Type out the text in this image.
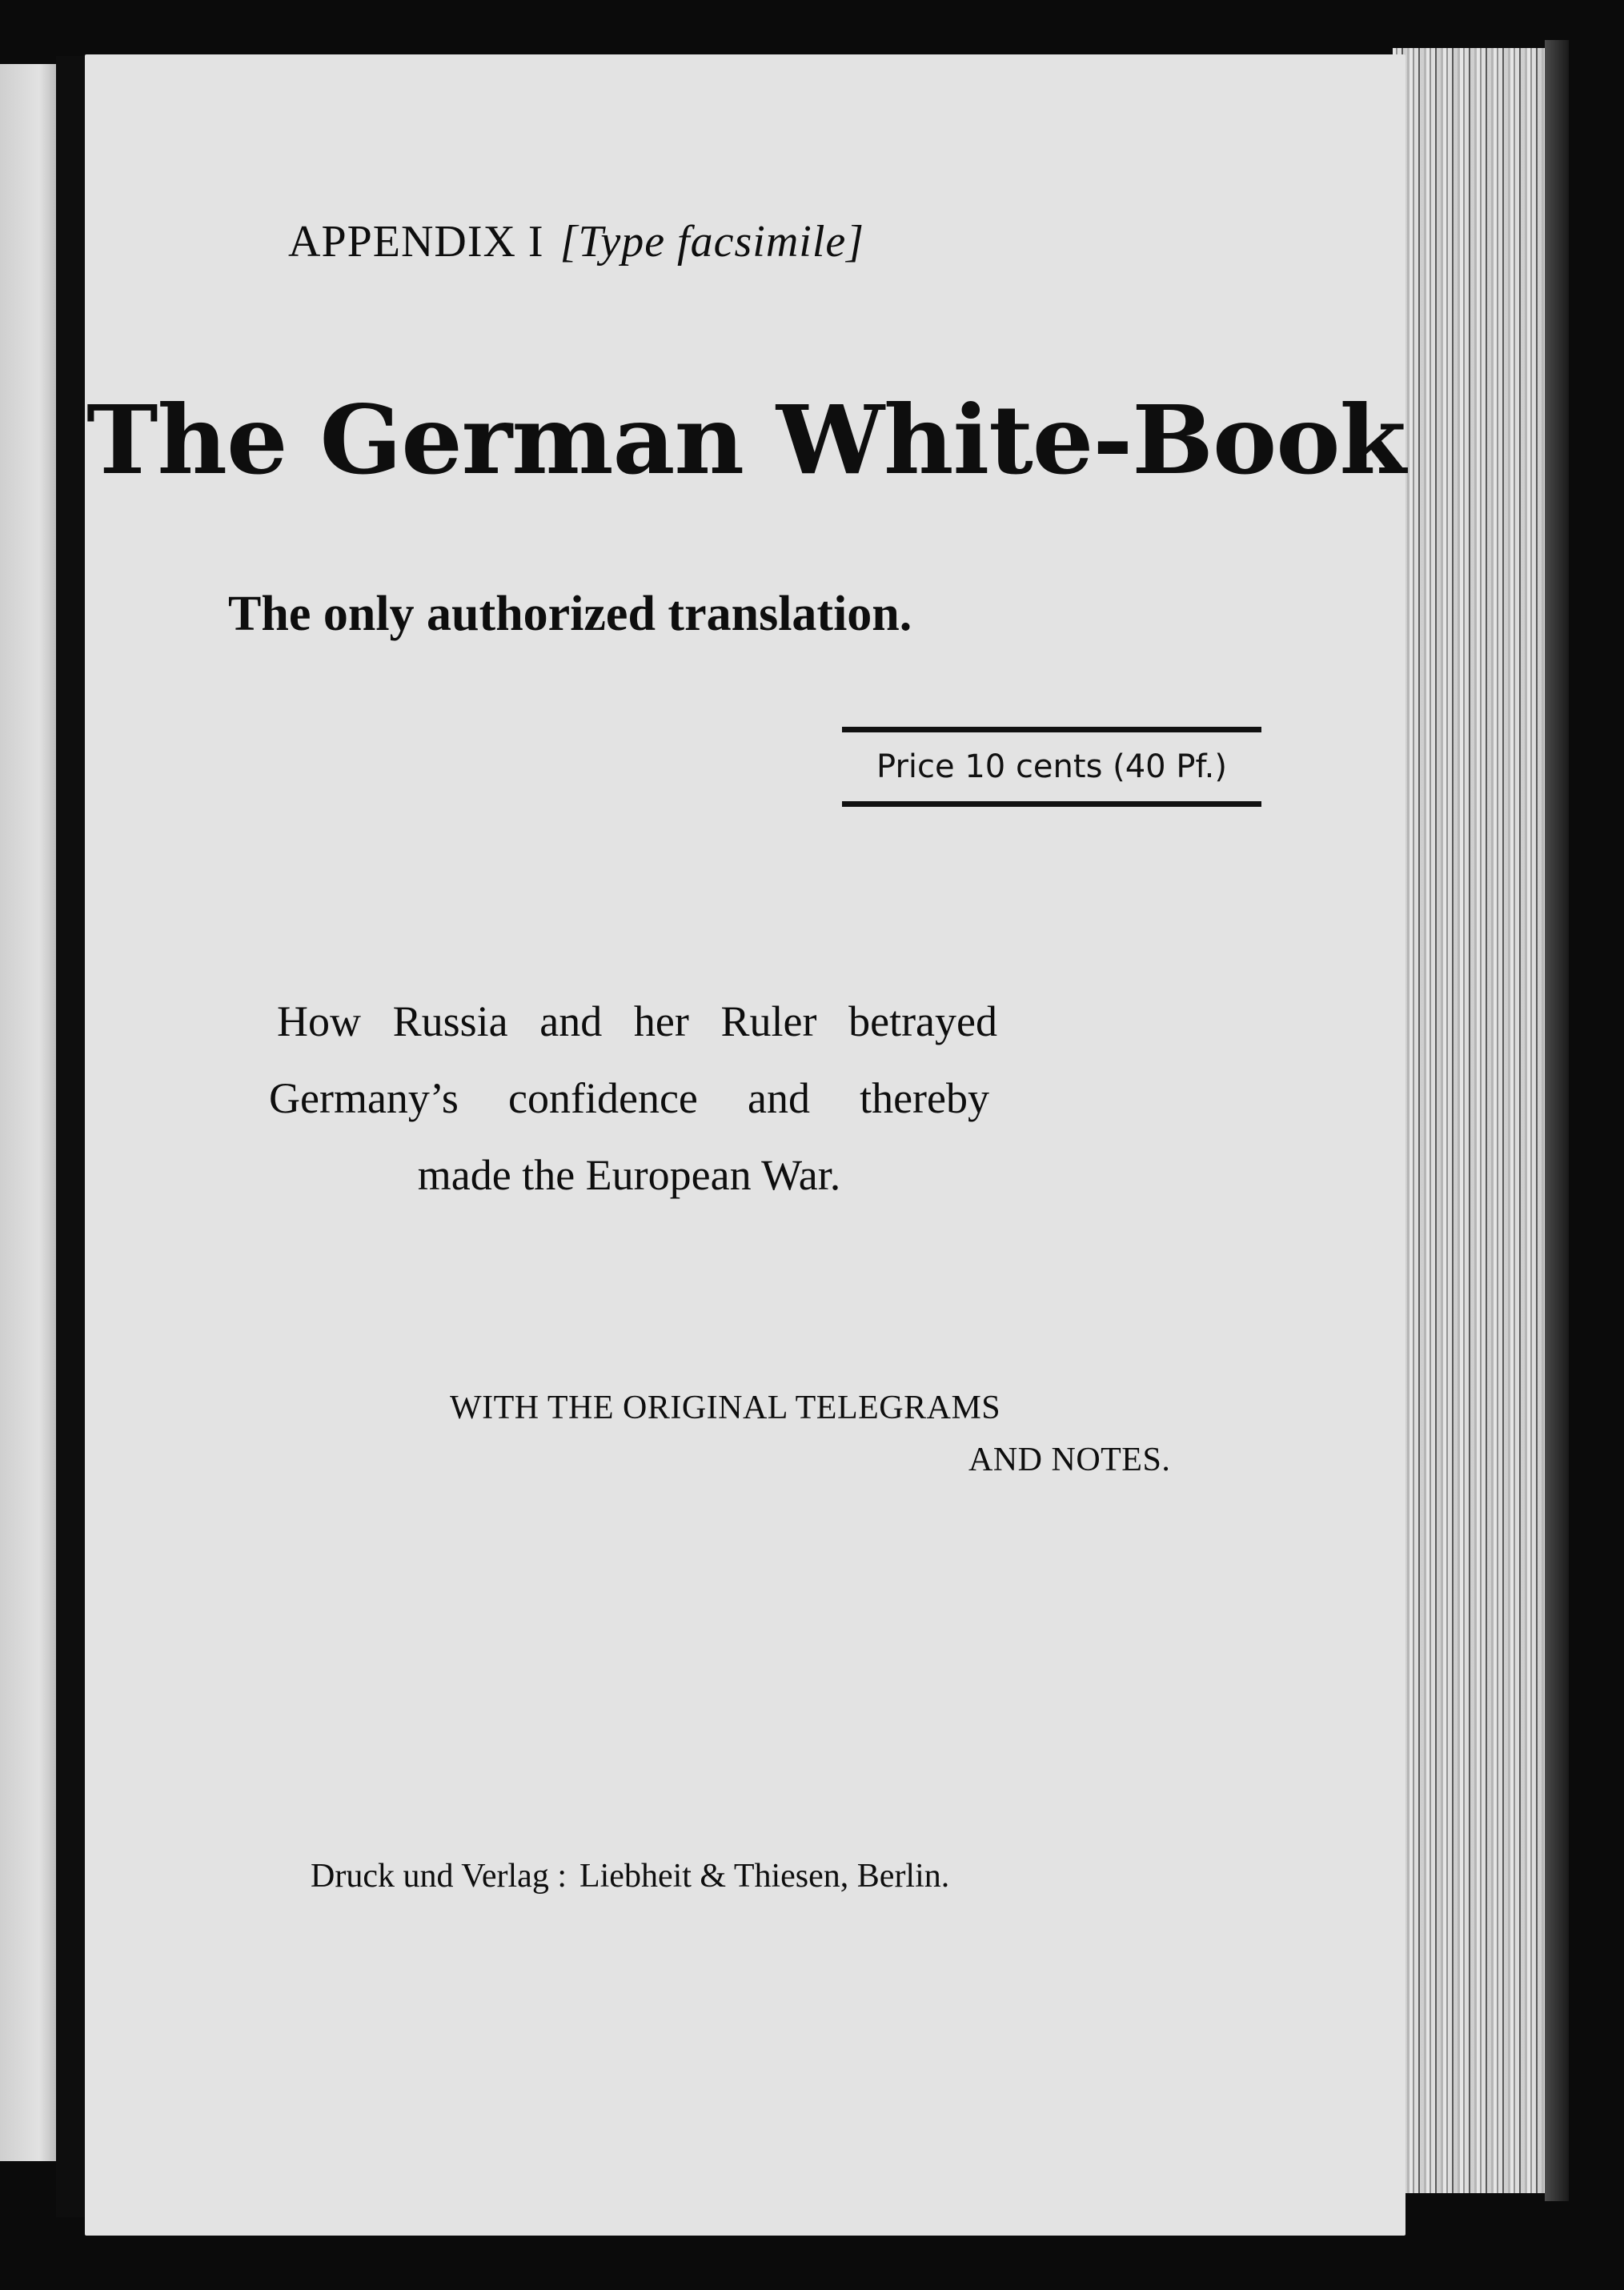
APPENDIX I [Type facsimile]
The German White-Book
The only authorized translation.
Price 10 cents (40 Pf.)
How Russia and her Ruler betrayed
Germany’s confidence and thereby
made the European War.
WITH THE ORIGINAL TELEGRAMS
AND NOTES.
Druck und Verlag : Liebheit & Thiesen, Berlin.
